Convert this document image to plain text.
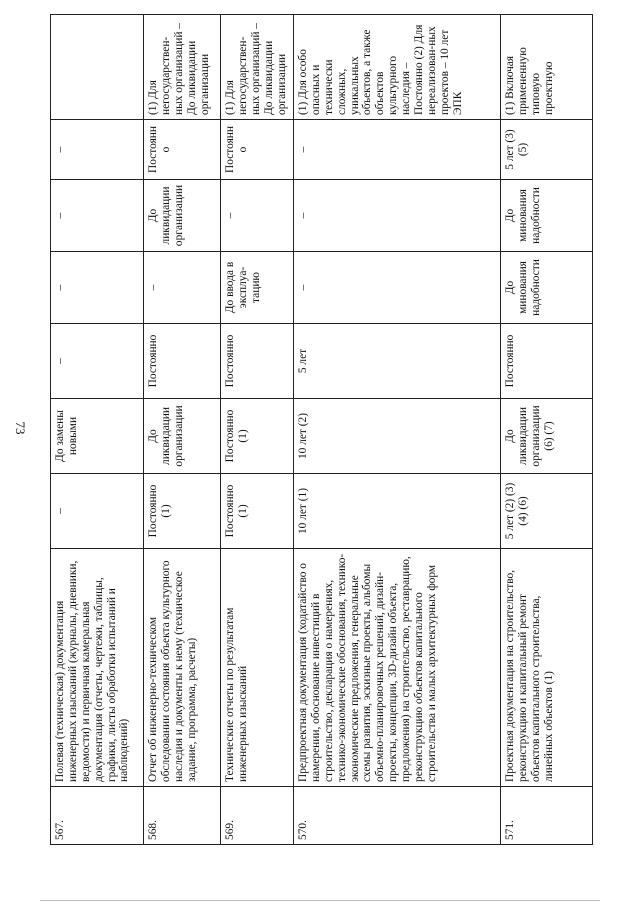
73
567.	Полевая (техническая) документация инженерных изысканий (журналы, дневники, ведомости) и первичная камеральная документация (отчеты, чертежи, таблицы, графики, листы обработки испытаний и наблюдений)	–	До замены новыми	–	–	–	–	
568.	Отчет об инженерно-техническом обследовании состояния объекта культурного наследия и документы к нему (техническое задание, программа, расчеты)	Постоянно (1)	До ликвидации организации	Постоянно	–	До ликвидации организации	Постоянно	(1) Для негосударствен-ных организаций – До ликвидации организации
569.	Технические отчеты по результатам инженерных изысканий	Постоянно (1)	Постоянно (1)	Постоянно	До ввода в эксплуа-тацию	–	Постоянно	(1) Для негосударствен-ных организаций – До ликвидации организации
570.	Предпроектная документация (ходатайство о намерении, обоснование инвестиций в строительство, декларация о намерениях, технико-экономические обоснования, технико-экономические предложения, генеральные схемы развития, эскизные проекты, альбомы объемно-планировочных решений, дизайн-проекты, концепции, 3D-дизайн объекта, предложения) на строительство, реставрацию, реконструкцию объектов капитального строительства и малых архитектурных форм	10 лет (1)	10 лет (2)	5 лет	–	–	–	(1) Для особо опасных и технически сложных, уникальных объектов, а также объектов культурного наследия – Постоянно (2) Для нереализован-ных проектов – 10 лет ЭПК
571.	Проектная документация на строительство, реконструкцию и капитальный ремонт объектов капитального строительства, линейных объектов (1)	5 лет (2) (3) (4) (6)	До ликвидации организации (6) (7)	Постоянно	До минования надобности	До минования надобности	5 лет (3) (5)	(1) Включая примененную типовую проектную
